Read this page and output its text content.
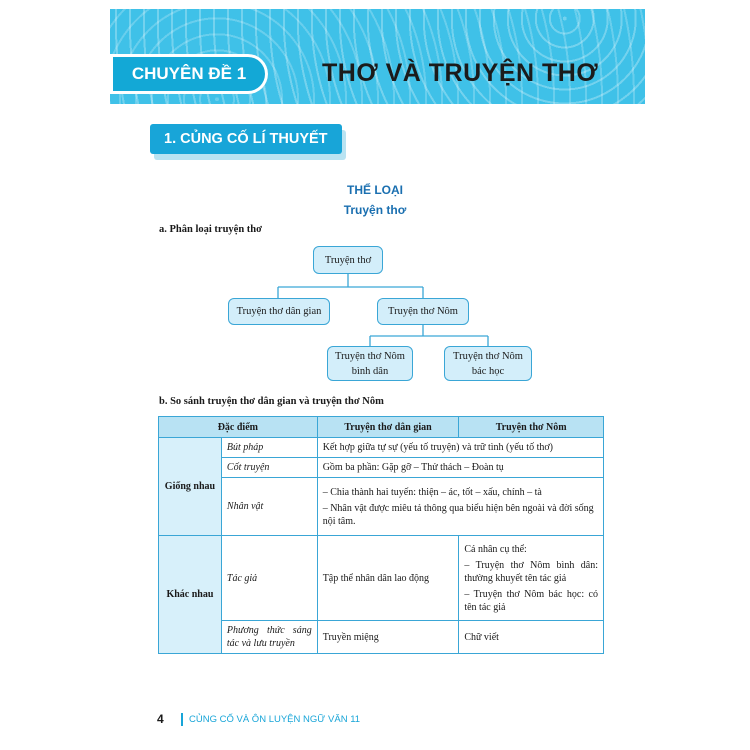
CHUYÊN ĐỀ 1	THƠ VÀ TRUYỆN THƠ
1. CỦNG CỐ LÍ THUYẾT
THỂ LOẠI
Truyện thơ
a. Phân loại truyện thơ
Truyện thơ
Truyện thơ dân gian	Truyện thơ Nôm
Truyện thơ Nôm
bình dân
Truyện thơ Nôm
bác học
b. So sánh truyện thơ dân gian và truyện thơ Nôm
Đặc điểm		Truyện thơ dân gian	Truyện thơ Nôm
Giống nhau	Bút pháp	Kết hợp giữa tự sự (yếu tố truyện) và trữ tình (yếu tố thơ)	
	Cốt truyện	Gồm ba phần: Gặp gỡ – Thử thách – Đoàn tụ	
	Nhân vật	– Chia thành hai tuyến: thiện – ác, tốt – xấu, chính – tà
– Nhân vật được miêu tả thông qua biểu hiện bên ngoài và đời sống nội tâm.	

Khác nhau	Tác giả	Tập thể nhân dân lao động	Cá nhân cụ thể:
– Truyện thơ Nôm bình dân: thường khuyết tên tác giả
– Truyện thơ Nôm bác học: có tên tác giả

	Phương thức sáng tác và lưu truyền	Truyền miệng	Chữ viết
4	CỦNG CỐ VÀ ÔN LUYỆN NGỮ VĂN 11
